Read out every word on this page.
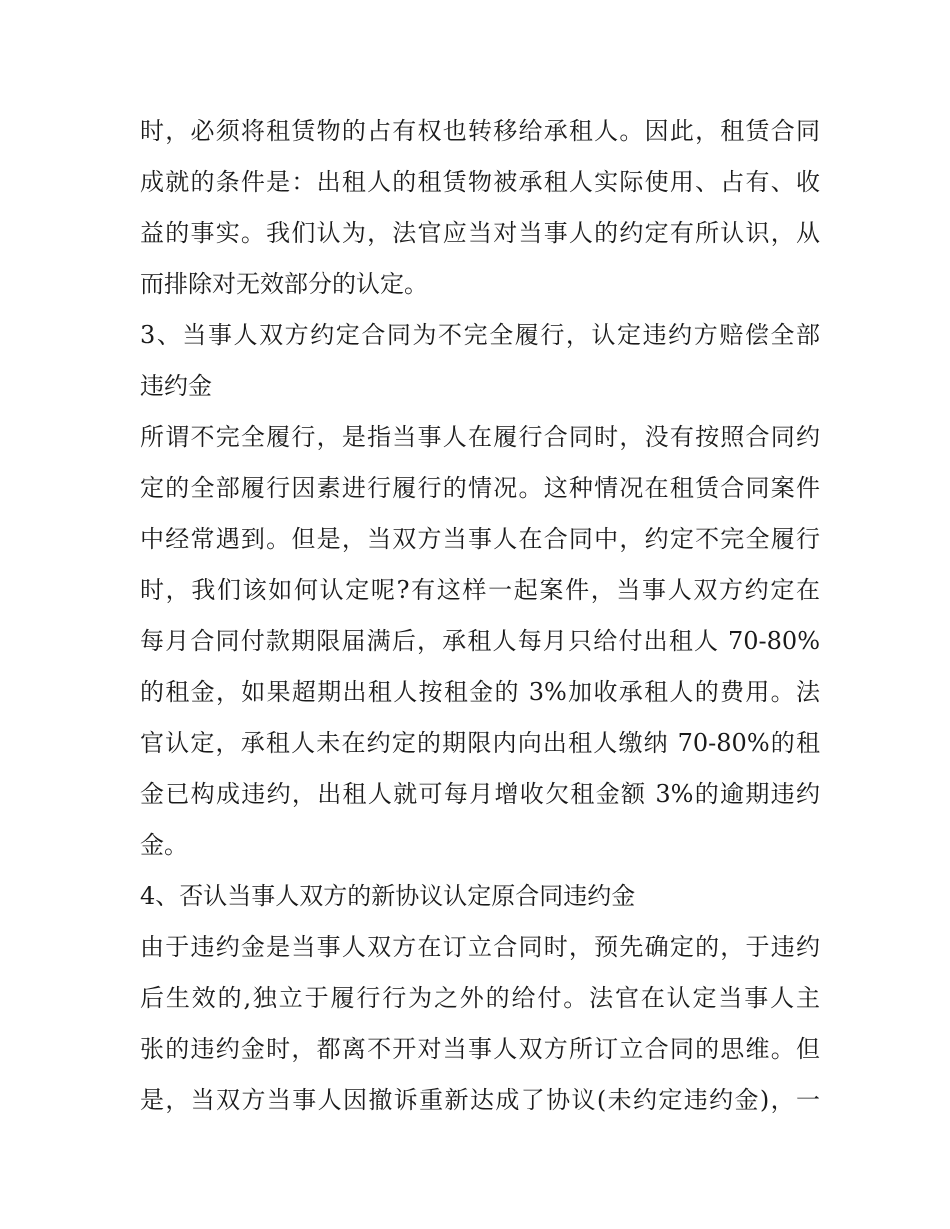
时，必须将租赁物的占有权也转移给承租人。因此，租赁合同
成就的条件是：出租人的租赁物被承租人实际使用、占有、收
益的事实。我们认为，法官应当对当事人的约定有所认识，从
而排除对无效部分的认定。
3、当事人双方约定合同为不完全履行，认定违约方赔偿全部
违约金
所谓不完全履行，是指当事人在履行合同时，没有按照合同约
定的全部履行因素进行履行的情况。这种情况在租赁合同案件
中经常遇到。但是，当双方当事人在合同中，约定不完全履行
时，我们该如何认定呢?有这样一起案件，当事人双方约定在
每月合同付款期限届满后，承租人每月只给付出租人 70-80%
的租金，如果超期出租人按租金的 3%加收承租人的费用。法
官认定，承租人未在约定的期限内向出租人缴纳 70-80%的租
金已构成违约，出租人就可每月增收欠租金额 3%的逾期违约
金。
4、否认当事人双方的新协议认定原合同违约金
由于违约金是当事人双方在订立合同时，预先确定的，于违约
后生效的,独立于履行行为之外的给付。法官在认定当事人主
张的违约金时，都离不开对当事人双方所订立合同的思维。但
是，当双方当事人因撤诉重新达成了协议(未约定违约金)，一
